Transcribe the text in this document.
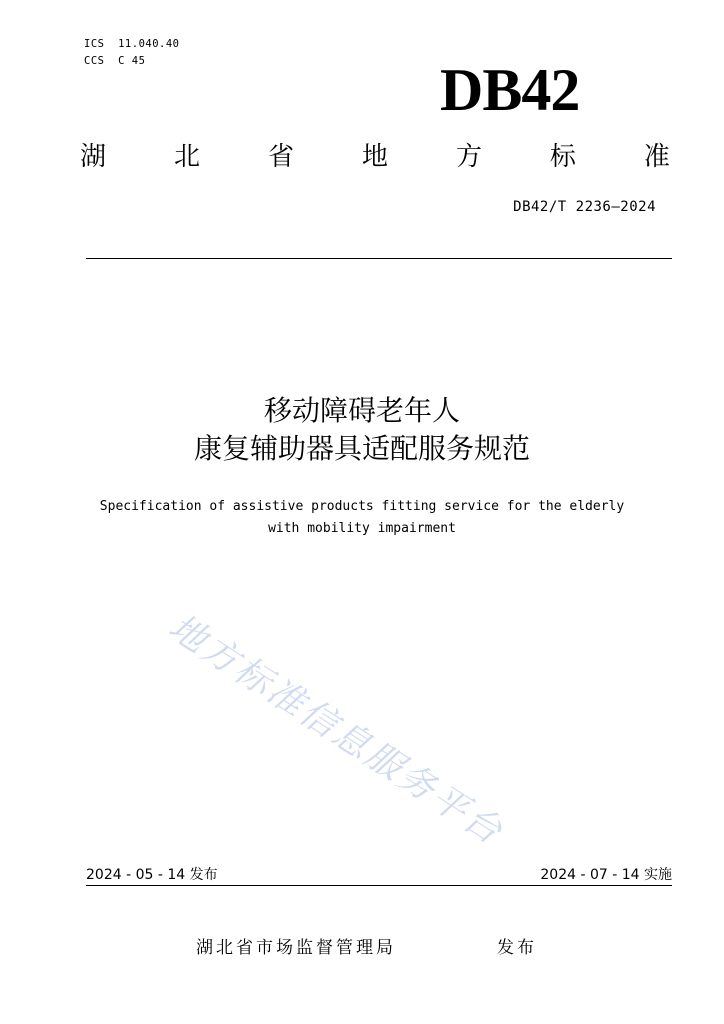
ICS  11.040.40
CCS  C 45	DB42
湖	北	省	地	方	标	准
DB42/T 2236—2024
移动障碍老年人
康复辅助器具适配服务规范
Specification of assistive products fitting service for the elderly
with mobility impairment
地方标准信息服务平台
2024 - 05 - 14 发布	2024 - 07 - 14 实施
湖北省市场监督管理局	发布
